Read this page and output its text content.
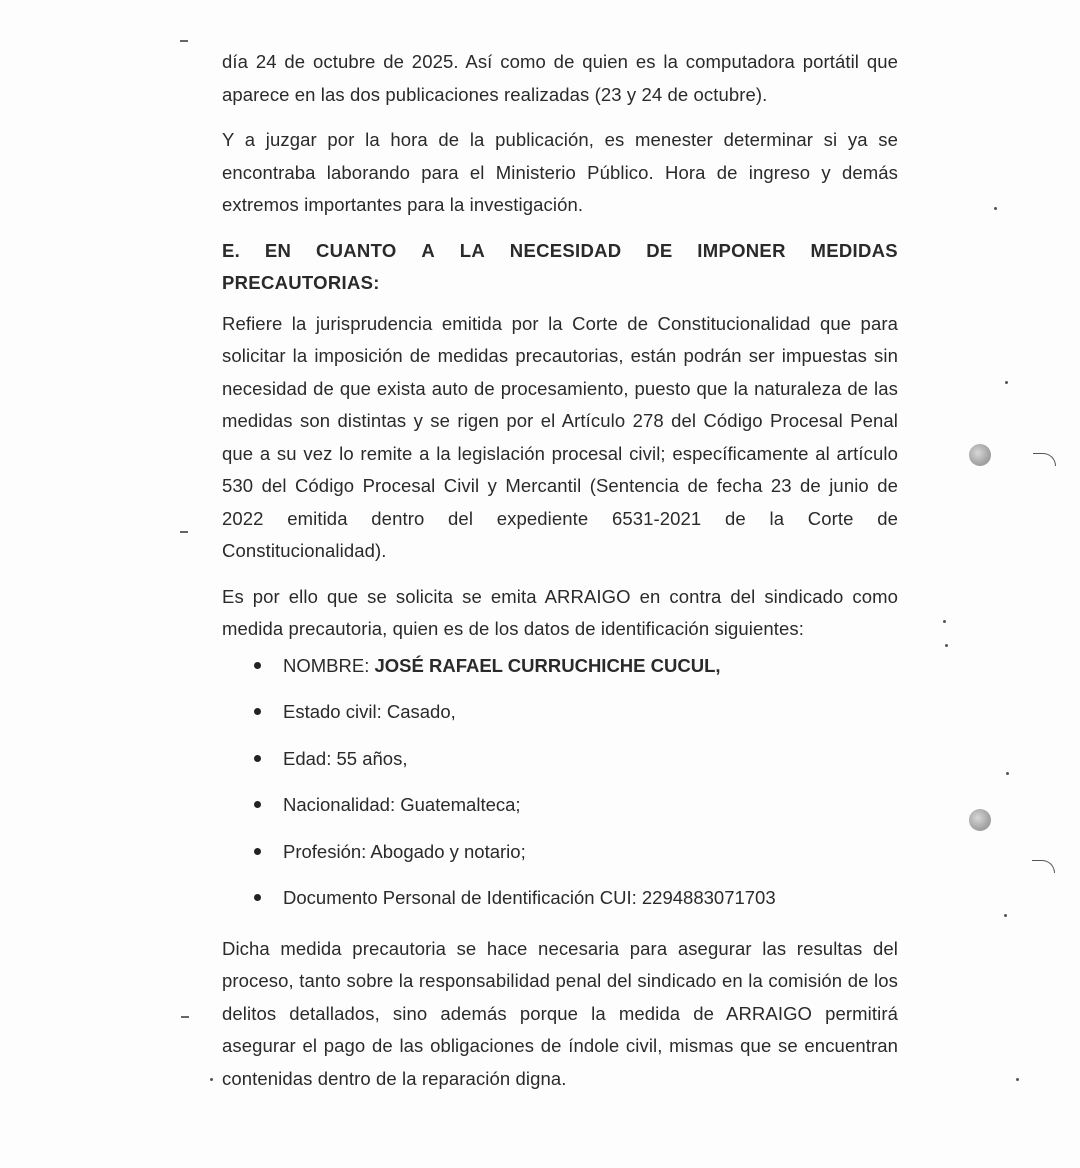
día 24 de octubre de 2025. Así como de quien es la computadora portátil que aparece en las dos publicaciones realizadas (23 y 24 de octubre).

Y a juzgar por la hora de la publicación, es menester determinar si ya se encontraba laborando para el Ministerio Público. Hora de ingreso y demás extremos importantes para la investigación.

E. EN CUANTO A LA NECESIDAD DE IMPONER MEDIDAS
PRECAUTORIAS:

Refiere la jurisprudencia emitida por la Corte de Constitucionalidad que para solicitar la imposición de medidas precautorias, están podrán ser impuestas sin necesidad de que exista auto de procesamiento, puesto que la naturaleza de las medidas son distintas y se rigen por el Artículo 278 del Código Procesal Penal que a su vez lo remite a la legislación procesal civil; específicamente al artículo 530 del Código Procesal Civil y Mercantil (Sentencia de fecha 23 de junio de 2022 emitida dentro del expediente 6531-2021 de la Corte de Constitucionalidad).

Es por ello que se solicita se emita ARRAIGO en contra del sindicado como medida precautoria, quien es de los datos de identificación siguientes:

NOMBRE: JOSÉ RAFAEL CURRUCHICHE CUCUL,
Estado civil: Casado,
Edad: 55 años,
Nacionalidad: Guatemalteca;
Profesión: Abogado y notario;
Documento Personal de Identificación CUI: 2294883071703

Dicha medida precautoria se hace necesaria para asegurar las resultas del proceso, tanto sobre la responsabilidad penal del sindicado en la comisión de los delitos detallados, sino además porque la medida de ARRAIGO permitirá asegurar el pago de las obligaciones de índole civil, mismas que se encuentran contenidas dentro de la reparación digna.
